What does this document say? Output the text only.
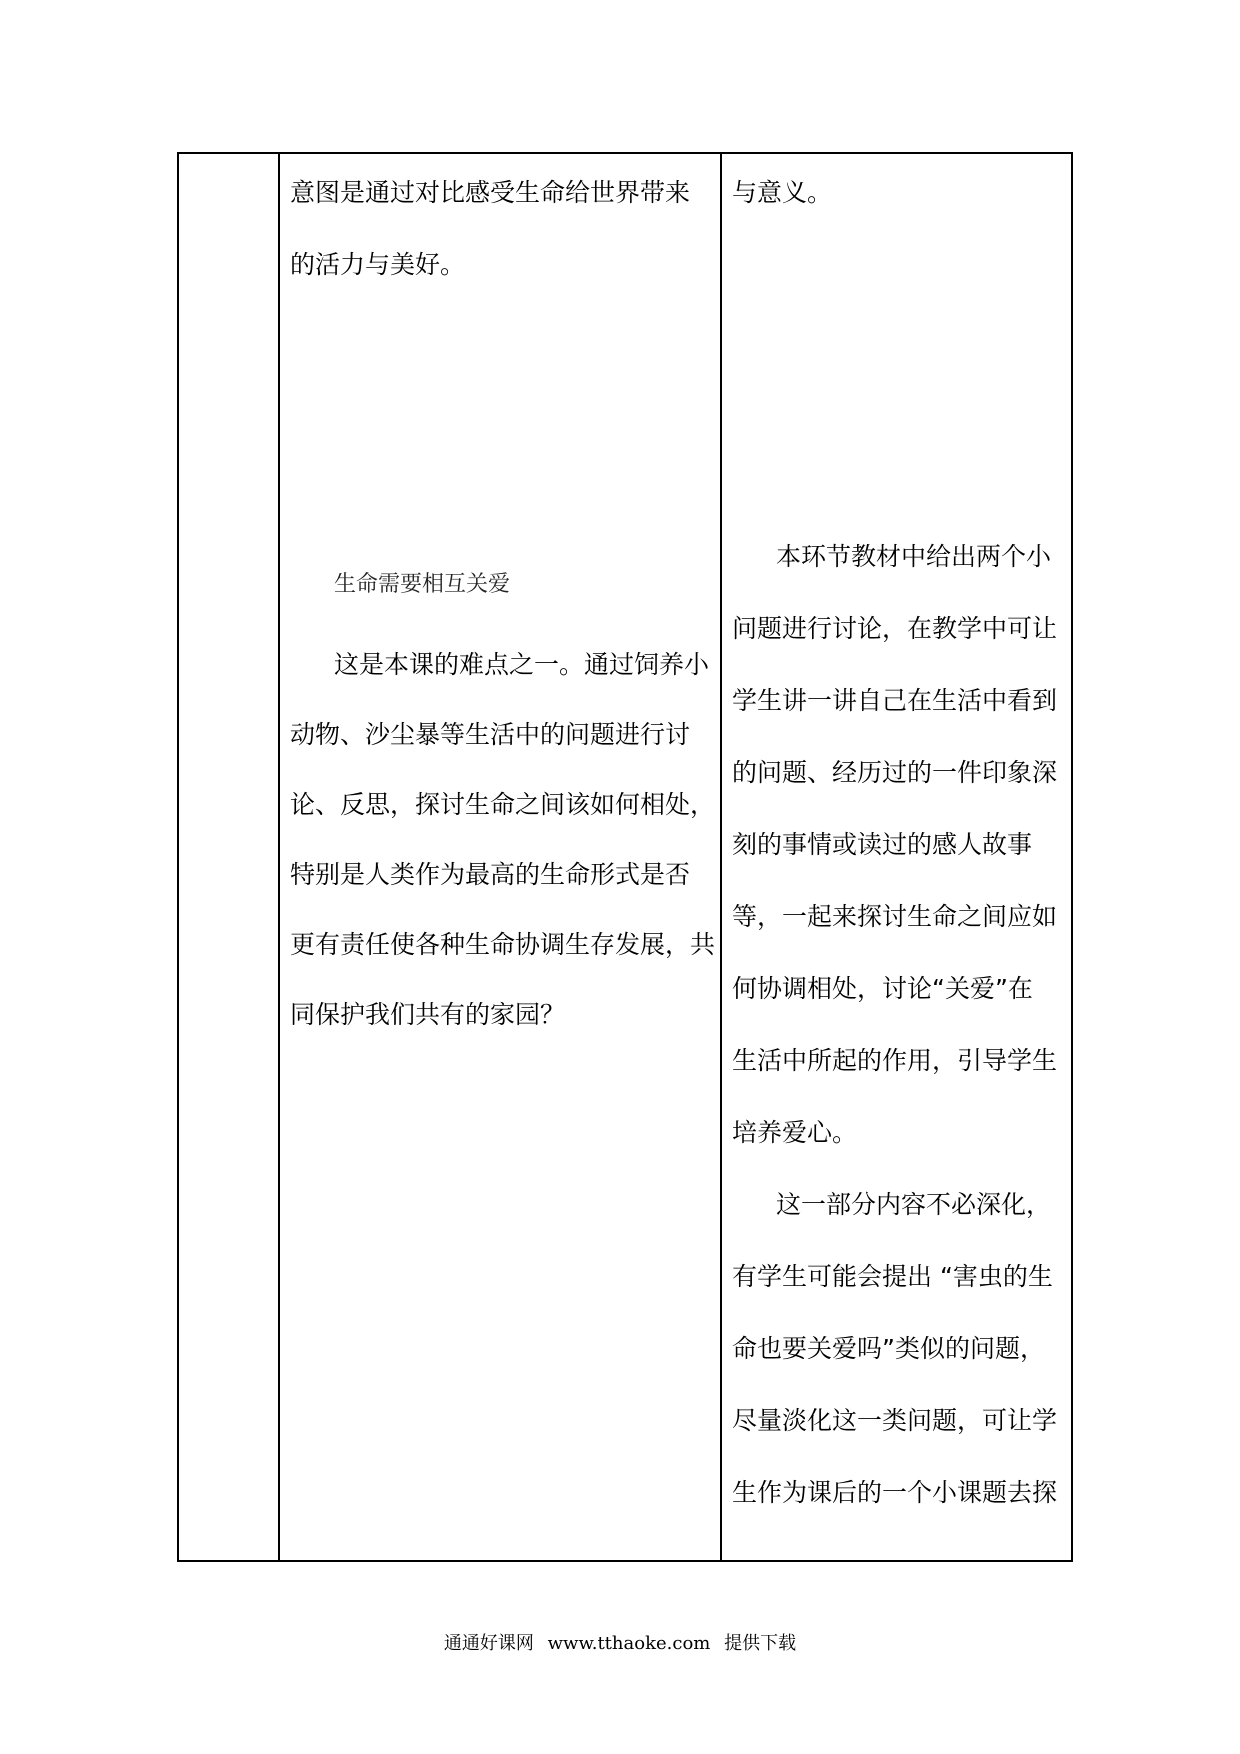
意图是通过对比感受生命给世界带来
的活力与美好。
生命需要相互关爱
这是本课的难点之一。通过饲养小
动物、沙尘暴等生活中的问题进行讨
论、反思，探讨生命之间该如何相处，
特别是人类作为最高的生命形式是否
更有责任使各种生命协调生存发展，共
同保护我们共有的家园？
与意义。
本环节教材中给出两个小
问题进行讨论，在教学中可让
学生讲一讲自己在生活中看到
的问题、经历过的一件印象深
刻的事情或读过的感人故事
等，一起来探讨生命之间应如
何协调相处，讨论“关爱”在
生活中所起的作用，引导学生
培养爱心。
这一部分内容不必深化，
有学生可能会提出 “害虫的生
命也要关爱吗”类似的问题，
尽量淡化这一类问题，可让学
生作为课后的一个小课题去探
通通好课网 www.tthaoke.com 提供下载
